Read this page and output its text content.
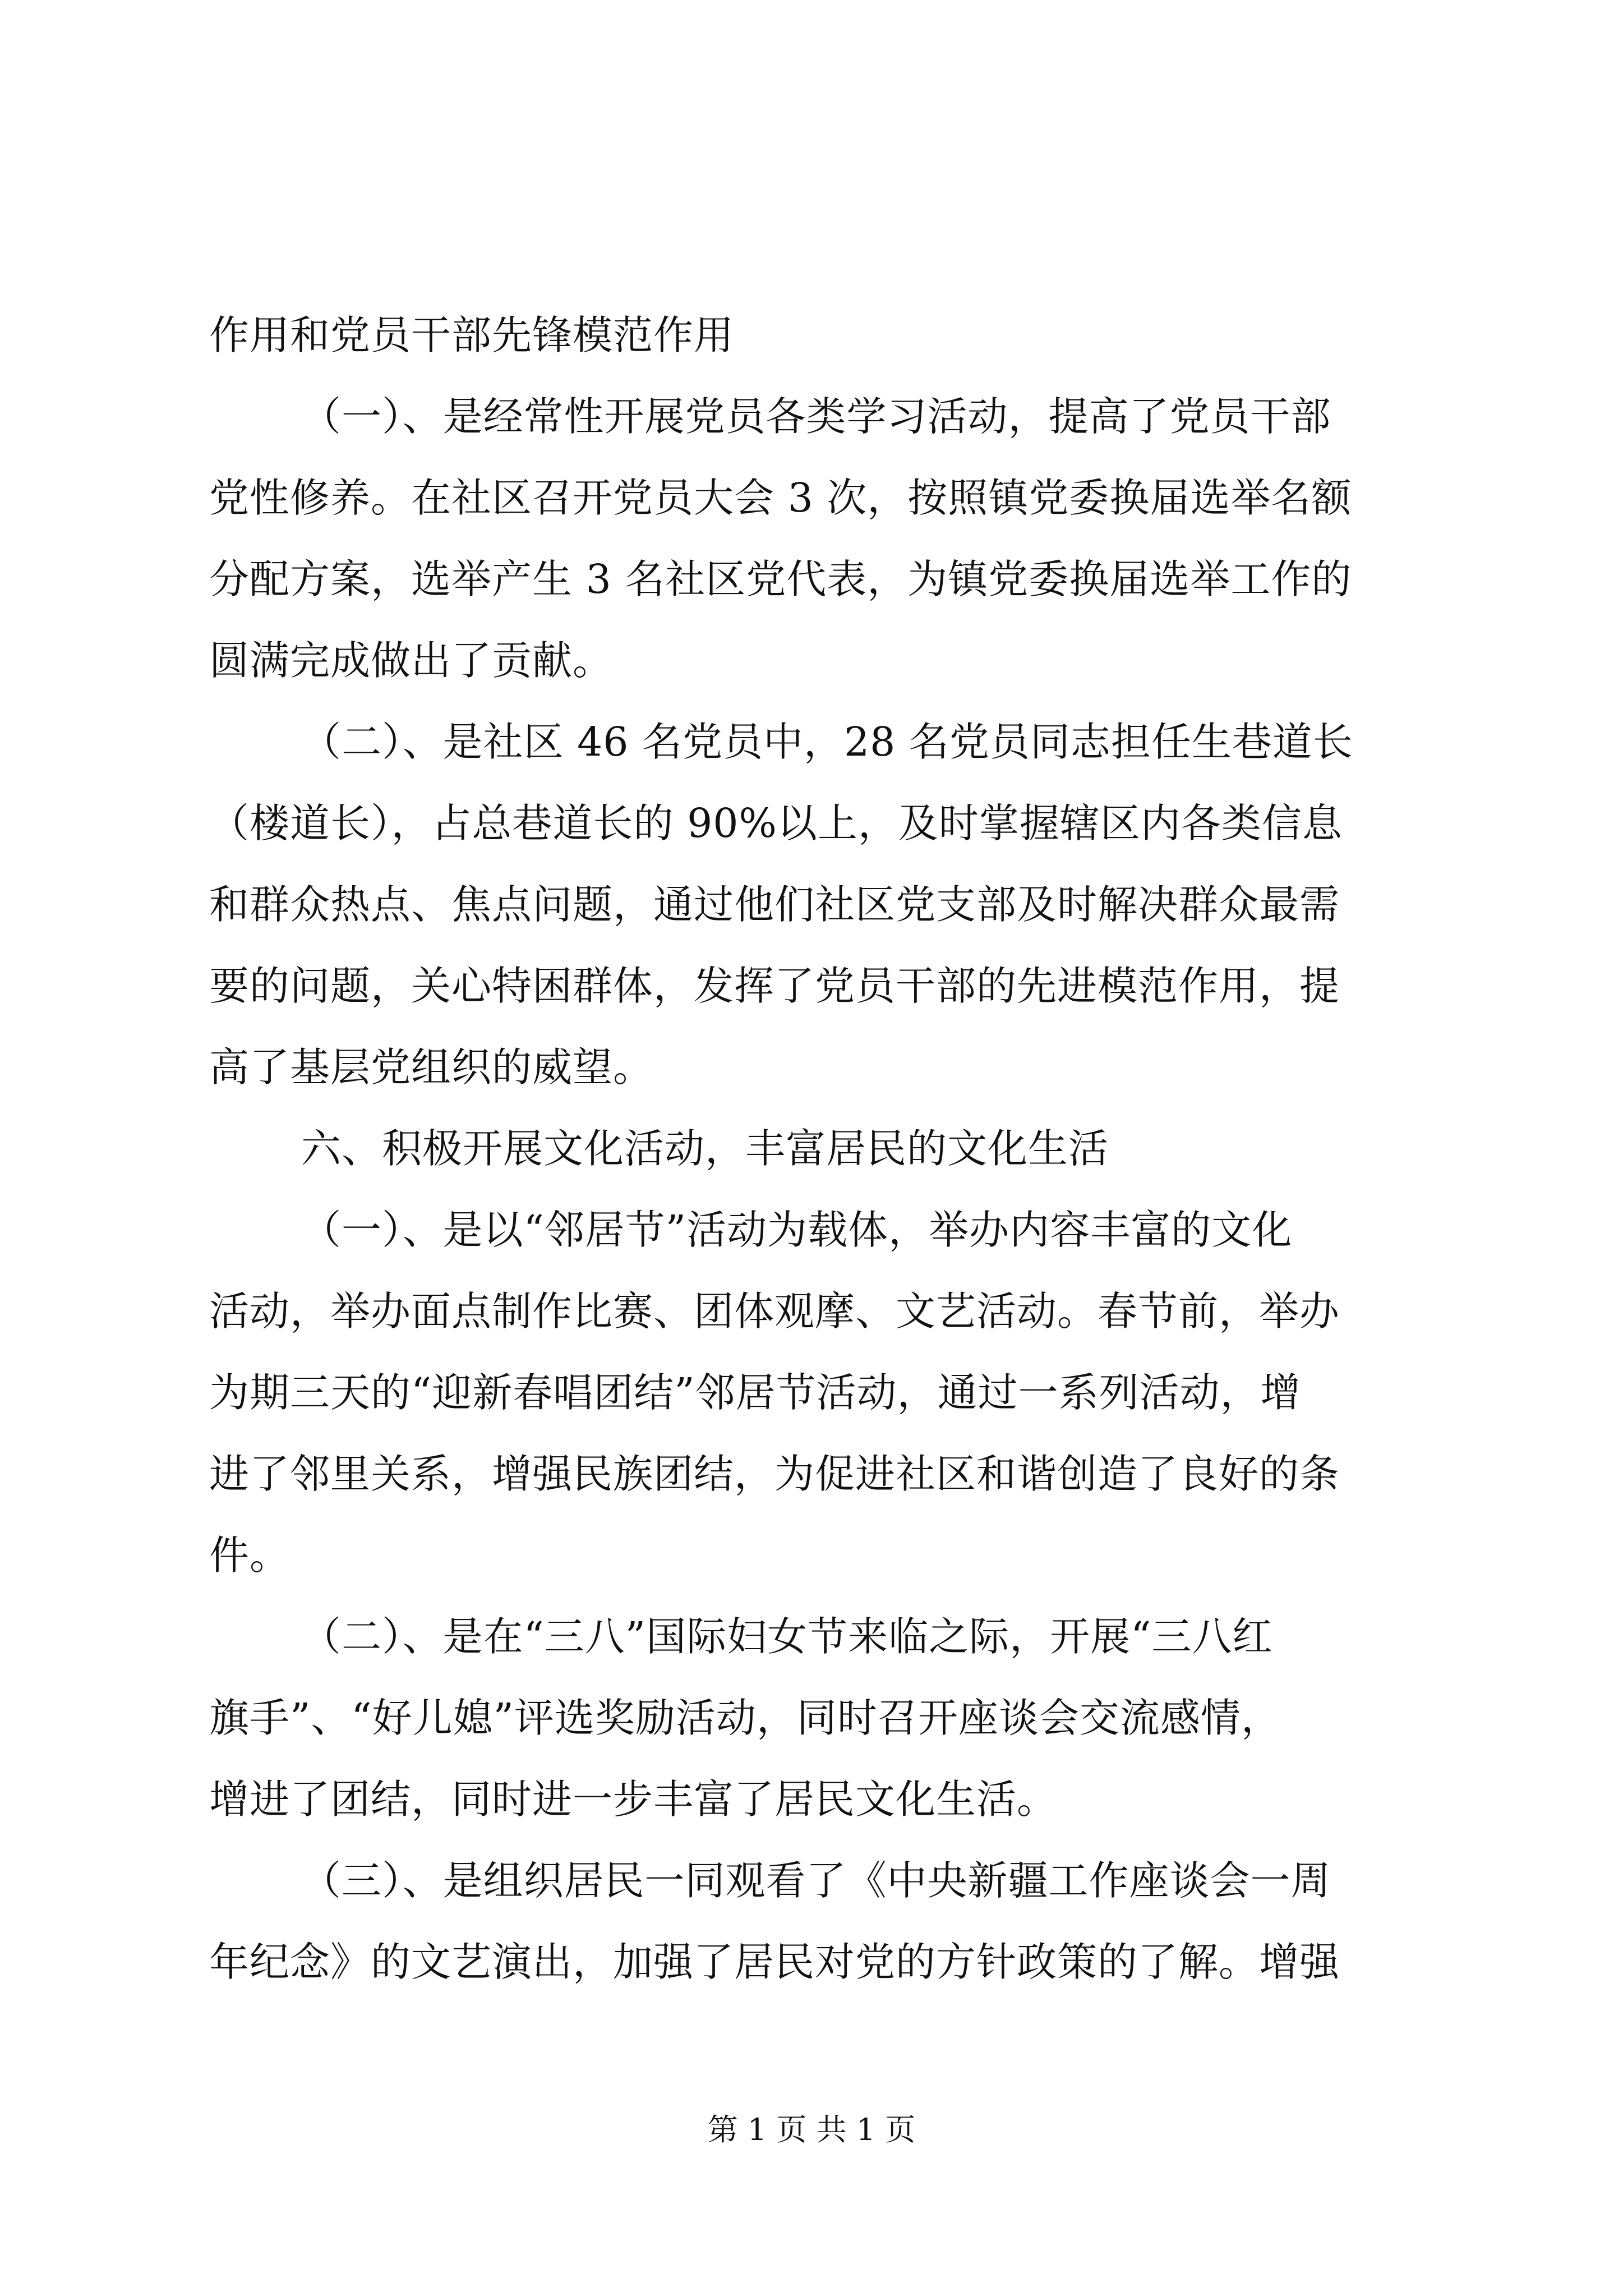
作用和党员干部先锋模范作用
（一）、是经常性开展党员各类学习活动，提高了党员干部
党性修养。在社区召开党员大会 3 次，按照镇党委换届选举名额
分配方案，选举产生 3 名社区党代表，为镇党委换届选举工作的
圆满完成做出了贡献。
（二）、是社区 46 名党员中，28 名党员同志担任生巷道长
（楼道长），占总巷道长的 90%以上，及时掌握辖区内各类信息
和群众热点、焦点问题，通过他们社区党支部及时解决群众最需
要的问题，关心特困群体，发挥了党员干部的先进模范作用，提
高了基层党组织的威望。
六、积极开展文化活动，丰富居民的文化生活
（一）、是以“邻居节”活动为载体，举办内容丰富的文化
活动，举办面点制作比赛、团体观摩、文艺活动。春节前，举办
为期三天的“迎新春唱团结”邻居节活动，通过一系列活动，增
进了邻里关系，增强民族团结，为促进社区和谐创造了良好的条
件。
（二）、是在“三八”国际妇女节来临之际，开展“三八红
旗手”、“好儿媳”评选奖励活动，同时召开座谈会交流感情，
增进了团结，同时进一步丰富了居民文化生活。
（三）、是组织居民一同观看了《中央新疆工作座谈会一周
年纪念》的文艺演出，加强了居民对党的方针政策的了解。增强
第 1 页 共 1 页
